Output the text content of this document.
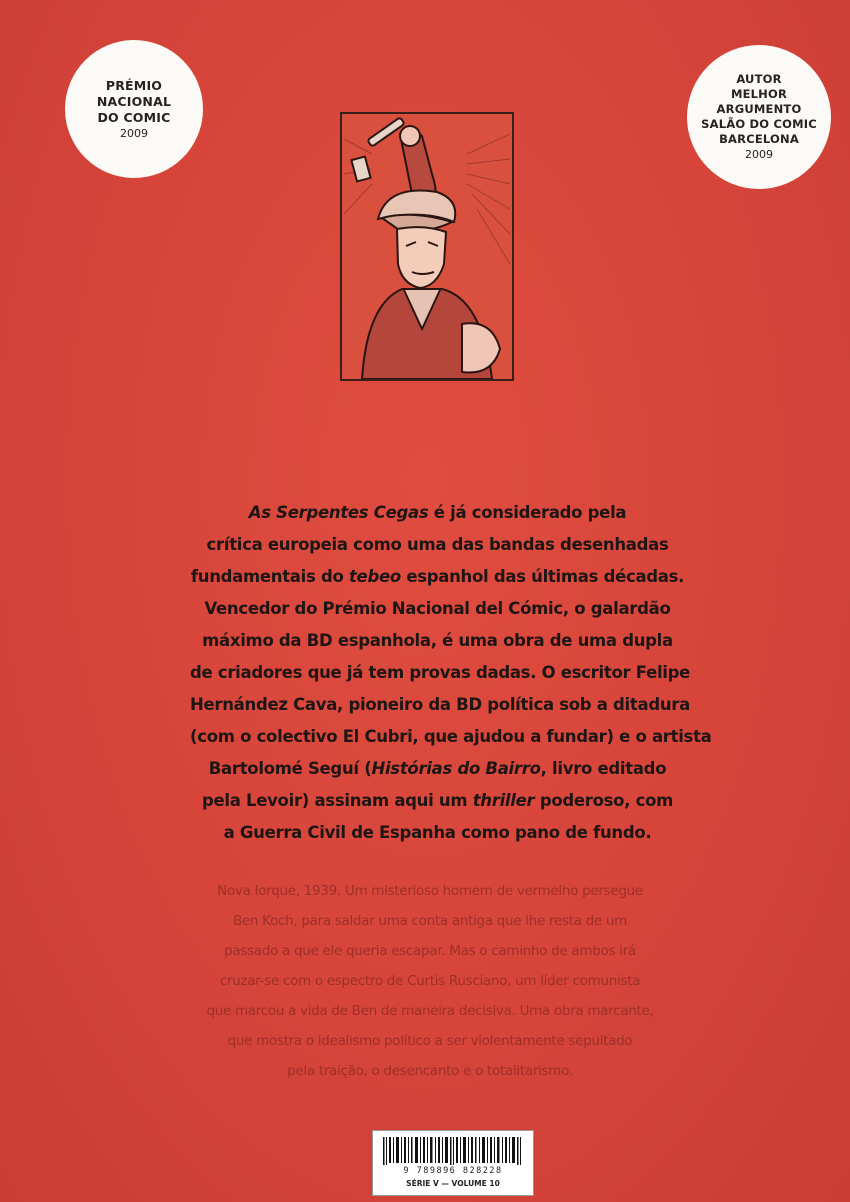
PRÉMIO
NACIONAL
DO COMIC
2009
AUTOR
MELHOR
ARGUMENTO
SALÃO DO COMIC
BARCELONA
2009

As Serpentes Cegas é já considerado pela

crítica europeia como uma das bandas desenhadas

fundamentais do tebeo espanhol das últimas décadas.

Vencedor do Prémio Nacional del Cómic, o galardão

máximo da BD espanhola, é uma obra de uma dupla

de criadores que já tem provas dadas. O escritor Felipe

Hernández Cava, pioneiro da BD política sob a ditadura

(com o colectivo El Cubri, que ajudou a fundar) e o artista

Bartolomé Seguí (Histórias do Bairro, livro editado

pela Levoir) assinam aqui um thriller poderoso, com

a Guerra Civil de Espanha como pano de fundo.

Nova Iorque, 1939. Um misterioso homem de vermelho persegue

Ben Koch, para saldar uma conta antiga que lhe resta de um

passado a que ele queria escapar. Mas o caminho de ambos irá

cruzar-se com o espectro de Curtis Rusciano, um líder comunista

que marcou a vida de Ben de maneira decisiva. Uma obra marcante,

que mostra o idealismo político a ser violentamente sepultado

pela traição, o desencanto e o totalitarismo.

9 789896 828228
SÉRIE V — VOLUME 10
